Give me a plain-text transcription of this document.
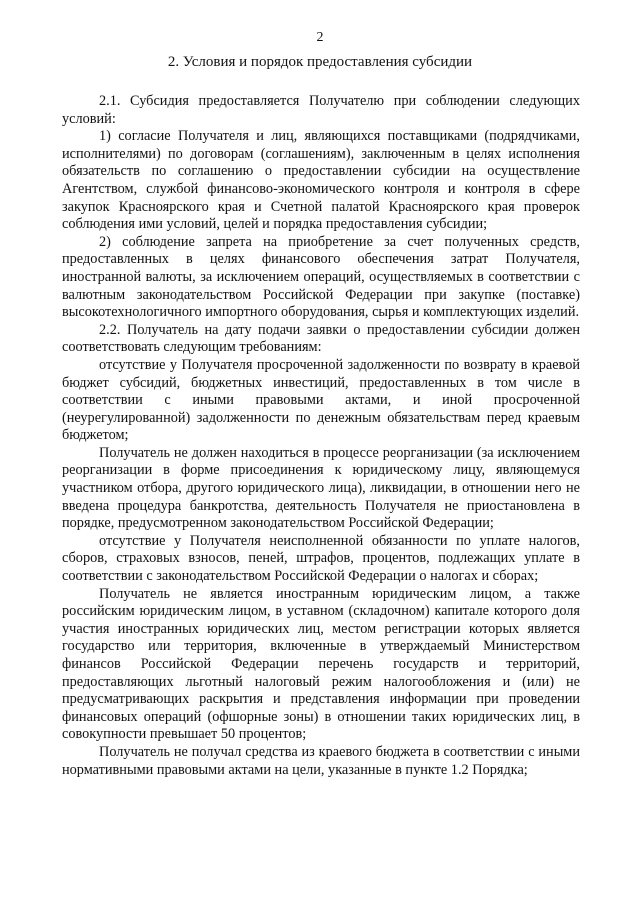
2
2. Условия и порядок предоставления субсидии

2.1. Субсидия предоставляется Получателю при соблюдении следующих условий:

1) согласие Получателя и лиц, являющихся поставщиками (подрядчиками, исполнителями) по договорам (соглашениям), заключенным в целях исполнения обязательств по соглашению о предоставлении субсидии на осуществление Агентством, службой финансово-экономического контроля и контроля в сфере закупок Красноярского края и Счетной палатой Красноярского края проверок соблюдения ими условий, целей и порядка предоставления субсидии;

2) соблюдение запрета на приобретение за счет полученных средств, предоставленных в целях финансового обеспечения затрат Получателя, иностранной валюты, за исключением операций, осуществляемых в соответствии с валютным законодательством Российской Федерации при закупке (поставке) высокотехнологичного импортного оборудования, сырья и комплектующих изделий.

2.2. Получатель на дату подачи заявки о предоставлении субсидии должен соответствовать следующим требованиям:

отсутствие у Получателя просроченной задолженности по возврату в краевой бюджет субсидий, бюджетных инвестиций, предоставленных в том числе в соответствии с иными правовыми актами, и иной просроченной (неурегулированной) задолженности по денежным обязательствам перед краевым бюджетом;

Получатель не должен находиться в процессе реорганизации (за исключением реорганизации в форме присоединения к юридическому лицу, являющемуся участником отбора, другого юридического лица), ликвидации, в отношении него не введена процедура банкротства, деятельность Получателя не приостановлена в порядке, предусмотренном законодательством Российской Федерации;

отсутствие у Получателя неисполненной обязанности по уплате налогов, сборов, страховых взносов, пеней, штрафов, процентов, подлежащих уплате в соответствии с законодательством Российской Федерации о налогах и сборах;

Получатель не является иностранным юридическим лицом, а также российским юридическим лицом, в уставном (складочном) капитале которого доля участия иностранных юридических лиц, местом регистрации которых является государство или территория, включенные в утверждаемый Министерством финансов Российской Федерации перечень государств и территорий, предоставляющих льготный налоговый режим налогообложения и (или) не предусматривающих раскрытия и представления информации при проведении финансовых операций (офшорные зоны) в отношении таких юридических лиц, в совокупности превышает 50 процентов;

Получатель не получал средства из краевого бюджета в соответствии с иными нормативными правовыми актами на цели, указанные в пункте 1.2 Порядка;
